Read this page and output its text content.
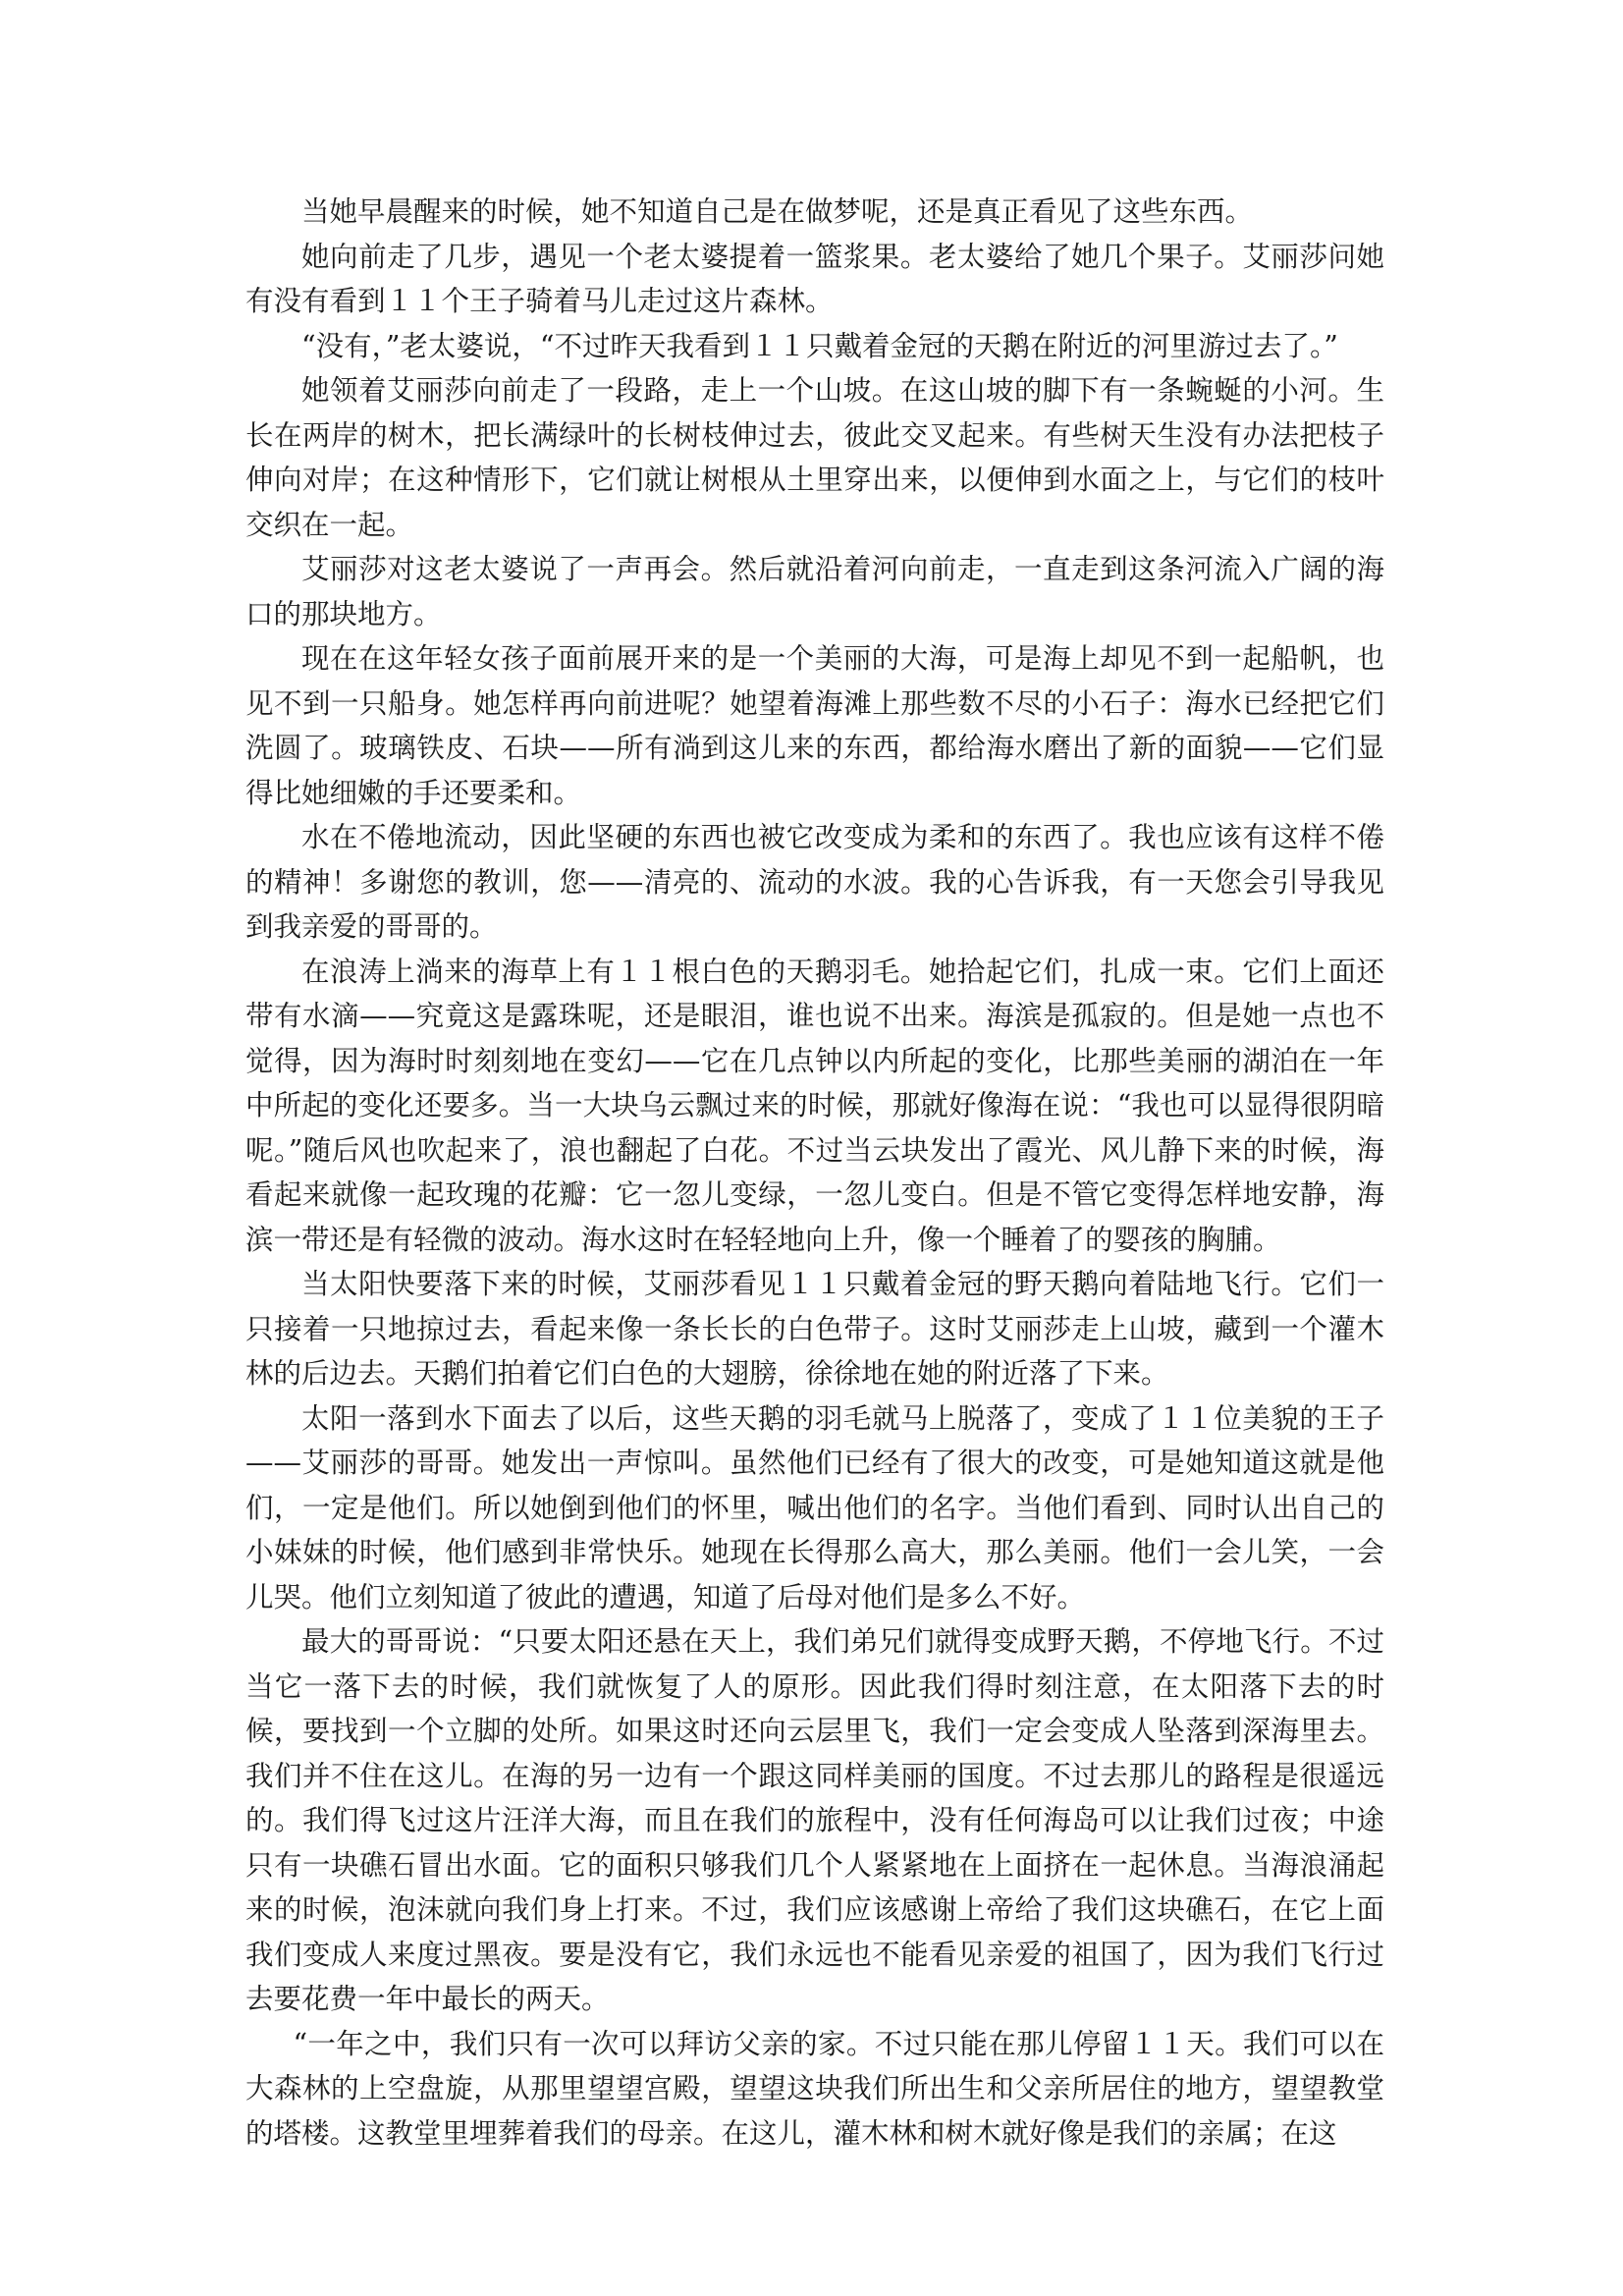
当她早晨醒来的时候，她不知道自己是在做梦呢，还是真正看见了这些东西。

她向前走了几步，遇见一个老太婆提着一篮浆果。老太婆给了她几个果子。艾丽莎问她有没有看到１１个王子骑着马儿走过这片森林。

“没有，”老太婆说，“不过昨天我看到１１只戴着金冠的天鹅在附近的河里游过去了。”

她领着艾丽莎向前走了一段路，走上一个山坡。在这山坡的脚下有一条蜿蜒的小河。生长在两岸的树木，把长满绿叶的长树枝伸过去，彼此交叉起来。有些树天生没有办法把枝子伸向对岸；在这种情形下，它们就让树根从土里穿出来，以便伸到水面之上，与它们的枝叶交织在一起。

艾丽莎对这老太婆说了一声再会。然后就沿着河向前走，一直走到这条河流入广阔的海口的那块地方。

现在在这年轻女孩子面前展开来的是一个美丽的大海，可是海上却见不到一起船帆，也见不到一只船身。她怎样再向前进呢？她望着海滩上那些数不尽的小石子：海水已经把它们洗圆了。玻璃铁皮、石块——所有淌到这儿来的东西，都给海水磨出了新的面貌——它们显得比她细嫩的手还要柔和。

水在不倦地流动，因此坚硬的东西也被它改变成为柔和的东西了。我也应该有这样不倦的精神！多谢您的教训，您——清亮的、流动的水波。我的心告诉我，有一天您会引导我见到我亲爱的哥哥的。

在浪涛上淌来的海草上有１１根白色的天鹅羽毛。她拾起它们，扎成一束。它们上面还带有水滴——究竟这是露珠呢，还是眼泪，谁也说不出来。海滨是孤寂的。但是她一点也不觉得，因为海时时刻刻地在变幻——它在几点钟以内所起的变化，比那些美丽的湖泊在一年中所起的变化还要多。当一大块乌云飘过来的时候，那就好像海在说：“我也可以显得很阴暗呢。”随后风也吹起来了，浪也翻起了白花。不过当云块发出了霞光、风儿静下来的时候，海看起来就像一起玫瑰的花瓣：它一忽儿变绿，一忽儿变白。但是不管它变得怎样地安静，海滨一带还是有轻微的波动。海水这时在轻轻地向上升，像一个睡着了的婴孩的胸脯。

当太阳快要落下来的时候，艾丽莎看见１１只戴着金冠的野天鹅向着陆地飞行。它们一只接着一只地掠过去，看起来像一条长长的白色带子。这时艾丽莎走上山坡，藏到一个灌木林的后边去。天鹅们拍着它们白色的大翅膀，徐徐地在她的附近落了下来。

太阳一落到水下面去了以后，这些天鹅的羽毛就马上脱落了，变成了１１位美貌的王子——艾丽莎的哥哥。她发出一声惊叫。虽然他们已经有了很大的改变，可是她知道这就是他们，一定是他们。所以她倒到他们的怀里，喊出他们的名字。当他们看到、同时认出自己的小妹妹的时候，他们感到非常快乐。她现在长得那么高大，那么美丽。他们一会儿笑，一会儿哭。他们立刻知道了彼此的遭遇，知道了后母对他们是多么不好。

最大的哥哥说：“只要太阳还悬在天上，我们弟兄们就得变成野天鹅，不停地飞行。不过当它一落下去的时候，我们就恢复了人的原形。因此我们得时刻注意，在太阳落下去的时候，要找到一个立脚的处所。如果这时还向云层里飞，我们一定会变成人坠落到深海里去。我们并不住在这儿。在海的另一边有一个跟这同样美丽的国度。不过去那儿的路程是很遥远的。我们得飞过这片汪洋大海，而且在我们的旅程中，没有任何海岛可以让我们过夜；中途只有一块礁石冒出水面。它的面积只够我们几个人紧紧地在上面挤在一起休息。当海浪涌起来的时候，泡沫就向我们身上打来。不过，我们应该感谢上帝给了我们这块礁石，在它上面我们变成人来度过黑夜。要是没有它，我们永远也不能看见亲爱的祖国了，因为我们飞行过去要花费一年中最长的两天。

“一年之中，我们只有一次可以拜访父亲的家。不过只能在那儿停留１１天。我们可以在大森林的上空盘旋，从那里望望宫殿，望望这块我们所出生和父亲所居住的地方，望望教堂的塔楼。这教堂里埋葬着我们的母亲。在这儿，灌木林和树木就好像是我们的亲属；在这
